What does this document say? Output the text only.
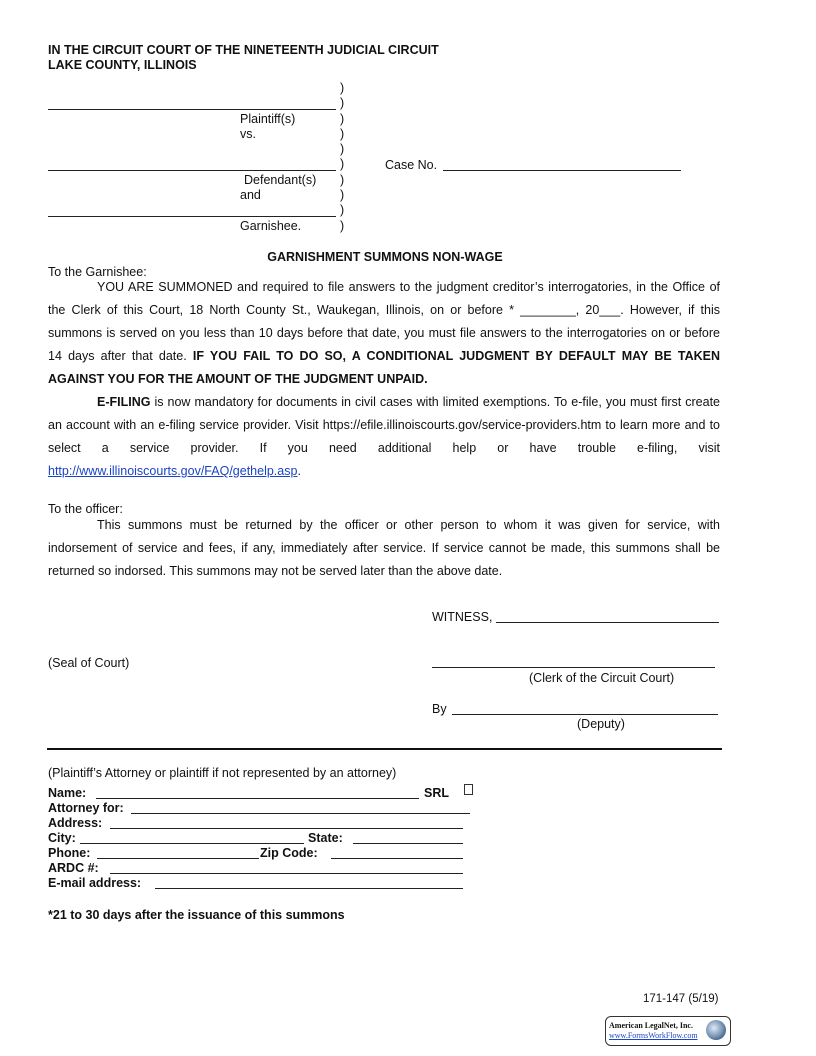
IN THE CIRCUIT COURT OF THE NINETEENTH JUDICIAL CIRCUIT
LAKE COUNTY, ILLINOIS
)
)
)
)
)
)
)
)
)
)
Plaintiff(s)
vs.
Defendant(s)
and
Garnishee.
Case No.
GARNISHMENT SUMMONS NON-WAGE
To the Garnishee:
YOU ARE SUMMONED and required to file answers to the judgment creditor’s interrogatories, in the Office of the Clerk of this Court, 18 North County St., Waukegan, Illinois, on or before * ________, 20___. However, if this summons is served on you less than 10 days before that date, you must file answers to the interrogatories on or before 14 days after that date. IF YOU FAIL TO DO SO, A CONDITIONAL JUDGMENT BY DEFAULT MAY BE TAKEN AGAINST YOU FOR THE AMOUNT OF THE JUDGMENT UNPAID.
E-FILING is now mandatory for documents in civil cases with limited exemptions. To e-file, you must first create an account with an e-filing service provider. Visit https://efile.illinoiscourts.gov/service-providers.htm to learn more and to select a service provider. If you need additional help or have trouble e-filing, visit http://www.illinoiscourts.gov/FAQ/gethelp.asp.
To the officer:
This summons must be returned by the officer or other person to whom it was given for service, with indorsement of service and fees, if any, immediately after service. If service cannot be made, this summons shall be returned so indorsed. This summons may not be served later than the above date.
WITNESS,
(Seal of Court)
(Clerk of the Circuit Court)
By
(Deputy)
(Plaintiff’s Attorney or plaintiff if not represented by an attorney)
Name:	SRL
Attorney for:
Address:
City:	State:
Phone:	Zip Code:
ARDC #:
E-mail address:
*21 to 30 days after the issuance of this summons
171-147 (5/19)
American LegalNet, Inc.
www.FormsWorkFlow.com
